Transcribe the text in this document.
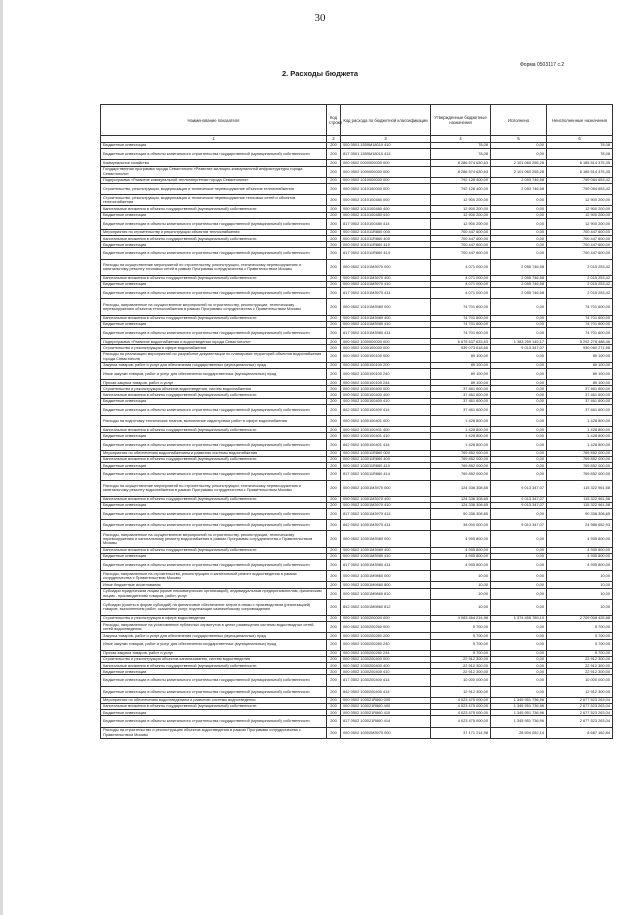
30
Форма 0503117 с.2
2. Расходы бюджета
Наименование показателя	Код строки	Код расхода по бюджетной классификации	Утвержденные бюджетные назначения	Исполнено	Неисполненные назначения
1	2	3	4	5	6
Бюджетные инвестиции	200	000 0501 1559М18010 410	78,08	0,00	78,08
Бюджетные инвестиции в объекты капитального строительства государственной (муниципальной) собственности	200	817 0501 1559М18010 414	78,08	0,00	78,08
Коммунальное хозяйство	200	000 0502 0000000000 000	8 286 574 630,63	2 101 060 255,28	6 185 514 375,35
Государственная программа города Севастополя «Развитие жилищно-коммунальной инфраструктуры города Севастополя»	200	000 0502 1000000000 000	8 286 574 630,63	2 101 060 255,28	6 185 514 375,35
Подпрограмма «Развитие коммунальной теплоэнергетики города Севастополя»	200	000 0502 1010000000 000	792 128 400,00	2 053 746,58	790 064 653,42
Строительство, реконструкция, модернизация и техническое перевооружение объектов теплоснабжения	200	000 0502 1010100000 000	792 128 400,00	2 053 746,58	790 064 653,42
Строительство, реконструкция, модернизация и техническое перевооружение тепловых сетей и объектов теплоснабжения	200	000 0502 1010100480 000	12 900 200,00	0,00	12 900 200,00
Капитальные вложения в объекты государственной (муниципальной) собственности	200	000 0502 1010100480 400	12 900 200,00	0,00	12 900 200,00
Бюджетные инвестиции	200	000 0502 1010100480 410	12 900 200,00	0,00	12 900 200,00
Бюджетные инвестиции в объекты капитального строительства государственной (муниципальной) собственности	200	817 0502 1010100480 414	12 900 200,00	0,00	12 900 200,00
Мероприятия по строительству и реконструкции объектов теплоснабжения	200	000 0502 101011R860 000	700 447 600,00	0,00	700 447 600,00
Капитальные вложения в объекты государственной (муниципальной) собственности	200	000 0502 101011R860 400	700 447 600,00	0,00	700 447 600,00
Бюджетные инвестиции	200	000 0502 101011R860 410	700 447 600,00	0,00	700 447 600,00
Бюджетные инвестиции в объекты капитального строительства государственной (муниципальной) собственности	200	817 0502 101011R860 414	700 447 600,00	0,00	700 447 600,00
Расходы на осуществление мероприятий по строительству, реконструкции, техническому перевооружению и капитальному ремонту тепловых сетей в рамках Программы сотрудничества с Правительством Москвы	200	000 0502 10101М3970 000	4 071 000,00	2 055 746,58	2 015 253,42
Капитальные вложения в объекты государственной (муниципальной) собственности	200	000 0502 10101М3970 400	4 071 000,00	2 055 746,58	2 015 253,42
Бюджетные инвестиции	200	000 0502 10101М3970 410	4 071 000,00	2 055 746,58	2 015 253,42
Бюджетные инвестиции в объекты капитального строительства государственной (муниципальной) собственности	200	817 0502 10101М3970 414	4 071 000,00	2 055 746,58	2 015 253,42
Расходы, направленные на осуществление мероприятий по строительству, реконструкции, техническому перевооружению объектов теплоснабжения в рамках Программы сотрудничества с Правительством Москвы	200	000 0502 10101М3980 000	74 701 600,00	0,00	74 701 600,00
Капитальные вложения в объекты государственной (муниципальной) собственности	200	000 0502 10101М3980 400	74 701 600,00	0,00	74 701 600,00
Бюджетные инвестиции	200	000 0502 10101М3980 410	74 701 600,00	0,00	74 701 600,00
Бюджетные инвестиции в объекты капитального строительства государственной (муниципальной) собственности	200	817 0502 10101М3980 414	74 701 600,00	0,00	74 701 600,00
Подпрограмма «Развитие водоснабжения и водоотведения города Севастополя»	200	000 0502 1030000000 000	6 675 537 633,63	1 383 259 145,17	5 292 278 488,46
Строительство и реконструкция в сфере водоснабжения	200	000 0502 1030100000 000	939 073 618,65	9 013 347,07	930 060 271,58
Расходы по реализации мероприятий по разработке документации по планировке территорий объектов водоснабжения города Севастополя	200	000 0502 1030100100 000	89 100,00	0,00	89 100,00
Закупка товаров, работ и услуг для обеспечения государственных (муниципальных) нужд	200	000 0502 1030100100 200	89 100,00	0,00	89 100,00
Иные закупки товаров, работ и услуг для обеспечения государственных (муниципальных) нужд	200	000 0502 1030100100 240	89 100,00	0,00	89 100,00
Прочая закупка товаров, работ и услуг	200	000 0502 1030100100 244	89 100,00	0,00	89 100,00
Строительство и реконструкция объектов водоотведения, систем водоснабжения	200	000 0502 1030100400 000	37 461 600,00	0,00	37 461 600,00
Капитальные вложения в объекты государственной (муниципальной) собственности	200	000 0502 1030100400 400	37 461 600,00	0,00	37 461 600,00
Бюджетные инвестиции	200	000 0502 1030100400 410	37 461 600,00	0,00	37 461 600,00
Бюджетные инвестиции в объекты капитального строительства государственной (муниципальной) собственности	200	842 0502 1030100400 414	37 461 600,00	0,00	37 461 600,00
Расходы на подготовку технических планов, выполнение кадастровых работ в сфере водоснабжения	200	000 0502 1030100401 000	1 428 800,00	0,00	1 428 800,00
Капитальные вложения в объекты государственной (муниципальной) собственности	200	000 0502 1030100401 400	1 428 800,00	0,00	1 428 800,00
Бюджетные инвестиции	200	000 0502 1030100401 410	1 428 800,00	0,00	1 428 800,00
Бюджетные инвестиции в объекты капитального строительства государственной (муниципальной) собственности	200	842 0502 1030100401 414	1 428 800,00	0,00	1 428 800,00
Мероприятия по обеспечению водоснабжением и развитию системы водоснабжения	200	000 0502 103011R860 000	769 852 000,00	0,00	769 852 000,00
Капитальные вложения в объекты государственной (муниципальной) собственности	200	000 0502 103011R860 400	769 852 000,00	0,00	769 852 000,00
Бюджетные инвестиции	200	000 0502 103011R860 410	769 852 000,00	0,00	769 852 000,00
Бюджетные инвестиции в объекты капитального строительства государственной (муниципальной) собственности	200	817 0502 103011R860 414	769 852 000,00	0,00	769 852 000,00
Расходы на осуществление мероприятий по строительству, реконструкции, техническому перевооружению и капитальному ремонту водоснабжения в рамках Программы сотрудничества с Правительством Москвы	200	000 0502 10301М3970 000	124 336 308,65	9 013 347,07	115 322 961,58
Капитальные вложения в объекты государственной (муниципальной) собственности	200	000 0502 10301М3970 400	124 336 308,65	9 013 347,07	115 322 961,58
Бюджетные инвестиции	200	000 0502 10301М3970 410	124 336 308,65	9 013 347,07	115 322 961,58
Бюджетные инвестиции в объекты капитального строительства государственной (муниципальной) собственности	200	817 0502 10301М3970 414	90 336 308,65	0,00	90 336 308,65
Бюджетные инвестиции в объекты капитального строительства государственной (муниципальной) собственности	200	842 0502 10301М3970 414	34 000 000,00	9 013 347,07	24 986 652,93
Расходы, направленные на осуществление мероприятий по строительству, реконструкции, техническому перевооружению и капитальному ремонту водоснабжения в рамках Программы сотрудничества с Правительством Москвы	200	000 0502 10301М3980 000	4 905 800,00	0,00	4 905 800,00
Капитальные вложения в объекты государственной (муниципальной) собственности	200	000 0502 10301М3980 400	4 905 800,00	0,00	4 905 800,00
Бюджетные инвестиции	200	000 0502 10301М3980 410	4 905 800,00	0,00	4 905 800,00
Бюджетные инвестиции в объекты капитального строительства государственной (муниципальной) собственности	200	817 0502 10301М3980 414	4 905 800,00	0,00	4 905 800,00
Расходы, направленные на строительство, реконструкцию и капитальный ремонт водоотведения в рамках сотрудничества с Правительством Москвы	200	000 0502 10301М9860 000	10,00	0,00	10,00
Иные бюджетные ассигнования	200	000 0502 10301М9860 800	10,00	0,00	10,00
Субсидии юридическим лицам (кроме некоммерческих организаций), индивидуальным предпринимателям, физическим лицам - производителям товаров, работ, услуг	200	000 0502 10301М9860 810	10,00	0,00	10,00
Субсидии (гранты в форме субсидий) на финансовое обеспечение затрат в связи с производством (реализацией) товаров, выполнением работ, оказанием услуг, подлежащие казначейскому сопровождению	200	842 0502 10301М9860 812	10,00	0,00	10,00
Строительство и реконструкция в сфере водоотведения	200	000 0502 1030200000 000	4 083 464 214,98	1 374 455 789,10	2 709 008 425,88
Расходы, направленные на установление публичных сервитутов в целях размещения системы водоотводных сетей, сетей водоотведения	200	000 0502 1030200260 000	5 700,00	0,00	5 700,00
Закупка товаров, работ и услуг для обеспечения государственных (муниципальных) нужд	200	000 0502 1030200260 200	5 700,00	0,00	5 700,00
Иные закупки товаров, работ и услуг для обеспечения государственных (муниципальных) нужд	200	000 0502 1030200260 240	5 700,00	0,00	5 700,00
Прочая закупка товаров, работ и услуг	200	000 0502 1030200260 244	5 700,00	0,00	5 700,00
Строительство и реконструкция объектов канализования, систем водоотведения	200	000 0502 1030200400 000	22 912 300,00	0,00	22 912 300,00
Капитальные вложения в объекты государственной (муниципальной) собственности	200	000 0502 1030200400 400	22 912 300,00	0,00	22 912 300,00
Бюджетные инвестиции	200	000 0502 1030200400 410	22 912 300,00	0,00	22 912 300,00
Бюджетные инвестиции в объекты капитального строительства государственной (муниципальной) собственности	200	817 0502 1030200400 414	10 000 000,00	0,00	10 000 000,00
Бюджетные инвестиции в объекты капитального строительства государственной (муниципальной) собственности	200	842 0502 1030200400 414	12 912 300,00	0,00	12 912 300,00
Мероприятия по обеспечению водоотведением и развитию системы водоотведения	200	000 0502 103021R860 000	4 023 475 000,00	1 345 951 736,96	2 677 523 263,04
Капитальные вложения в объекты государственной (муниципальной) собственности	200	000 0502 103021R860 400	4 023 475 000,00	1 345 951 736,96	2 677 523 263,04
Бюджетные инвестиции	200	000 0502 103021R860 410	4 023 475 000,00	1 345 951 736,96	2 677 523 263,04
Бюджетные инвестиции в объекты капитального строительства государственной (муниципальной) собственности	200	817 0502 103021R860 414	4 023 475 000,00	1 345 951 736,96	2 677 523 263,04
Расходы на строительство и реконструкцию объектов водоотведения в рамках Программы сотрудничества с Правительством Москвы	200	000 0502 10302М3970 000	37 171 214,98	28 504 052,14	8 667 162,84
